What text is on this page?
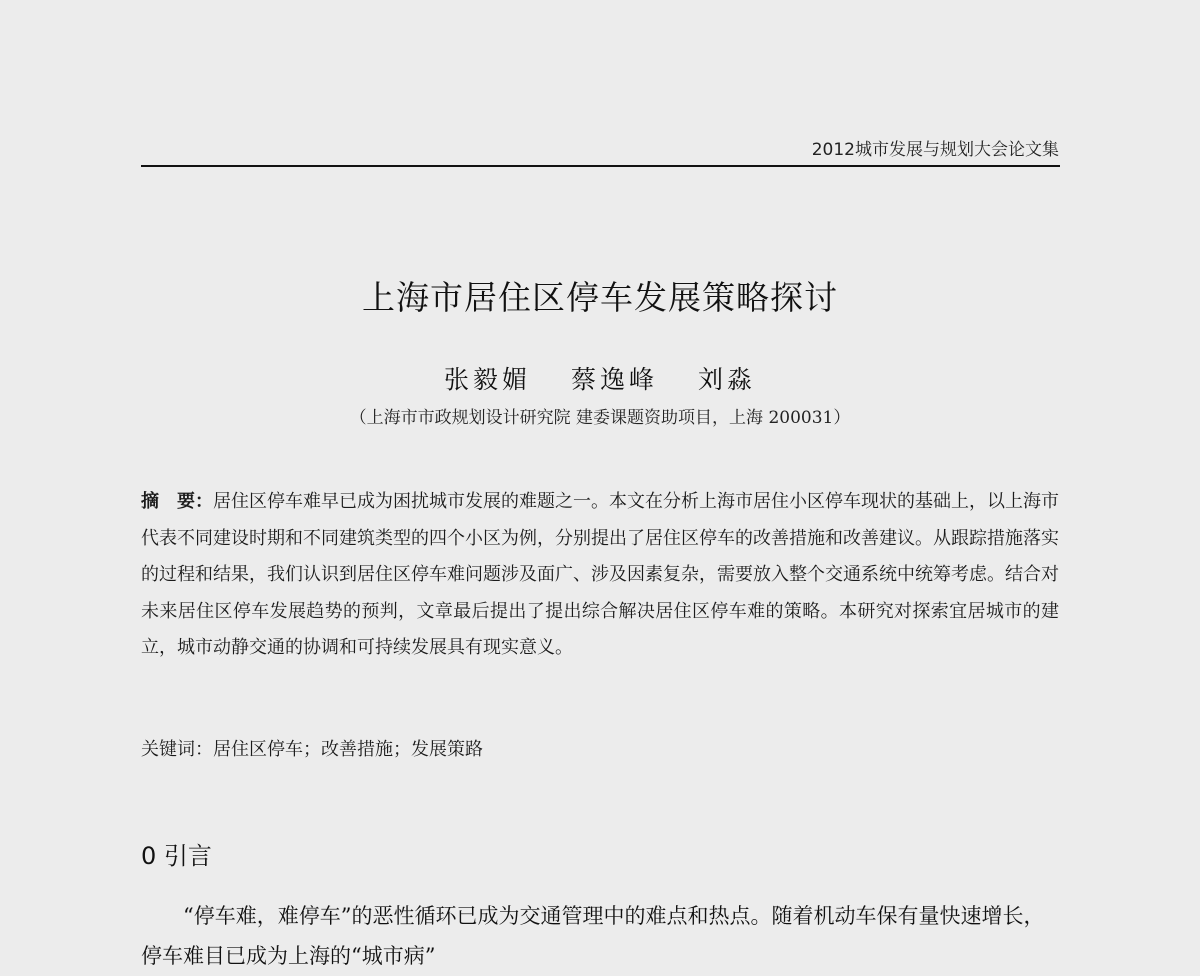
2012城市发展与规划大会论文集
上海市居住区停车发展策略探讨
张毅媚 蔡逸峰 刘淼
（上海市市政规划设计研究院 建委课题资助项目，上海 200031）
摘　要：居住区停车难早已成为困扰城市发展的难题之一。本文在分析上海市居住小区停车现状的基础上，以上海市代表不同建设时期和不同建筑类型的四个小区为例，分别提出了居住区停车的改善措施和改善建议。从跟踪措施落实的过程和结果，我们认识到居住区停车难问题涉及面广、涉及因素复杂，需要放入整个交通系统中统筹考虑。结合对未来居住区停车发展趋势的预判，文章最后提出了提出综合解决居住区停车难的策略。本研究对探索宜居城市的建立，城市动静交通的协调和可持续发展具有现实意义。
关键词：居住区停车；改善措施；发展策路
0 引言
“停车难，难停车”的恶性循环已成为交通管理中的难点和热点。随着机动车保有量快速增长，停车难目已成为上海的“城市病”
